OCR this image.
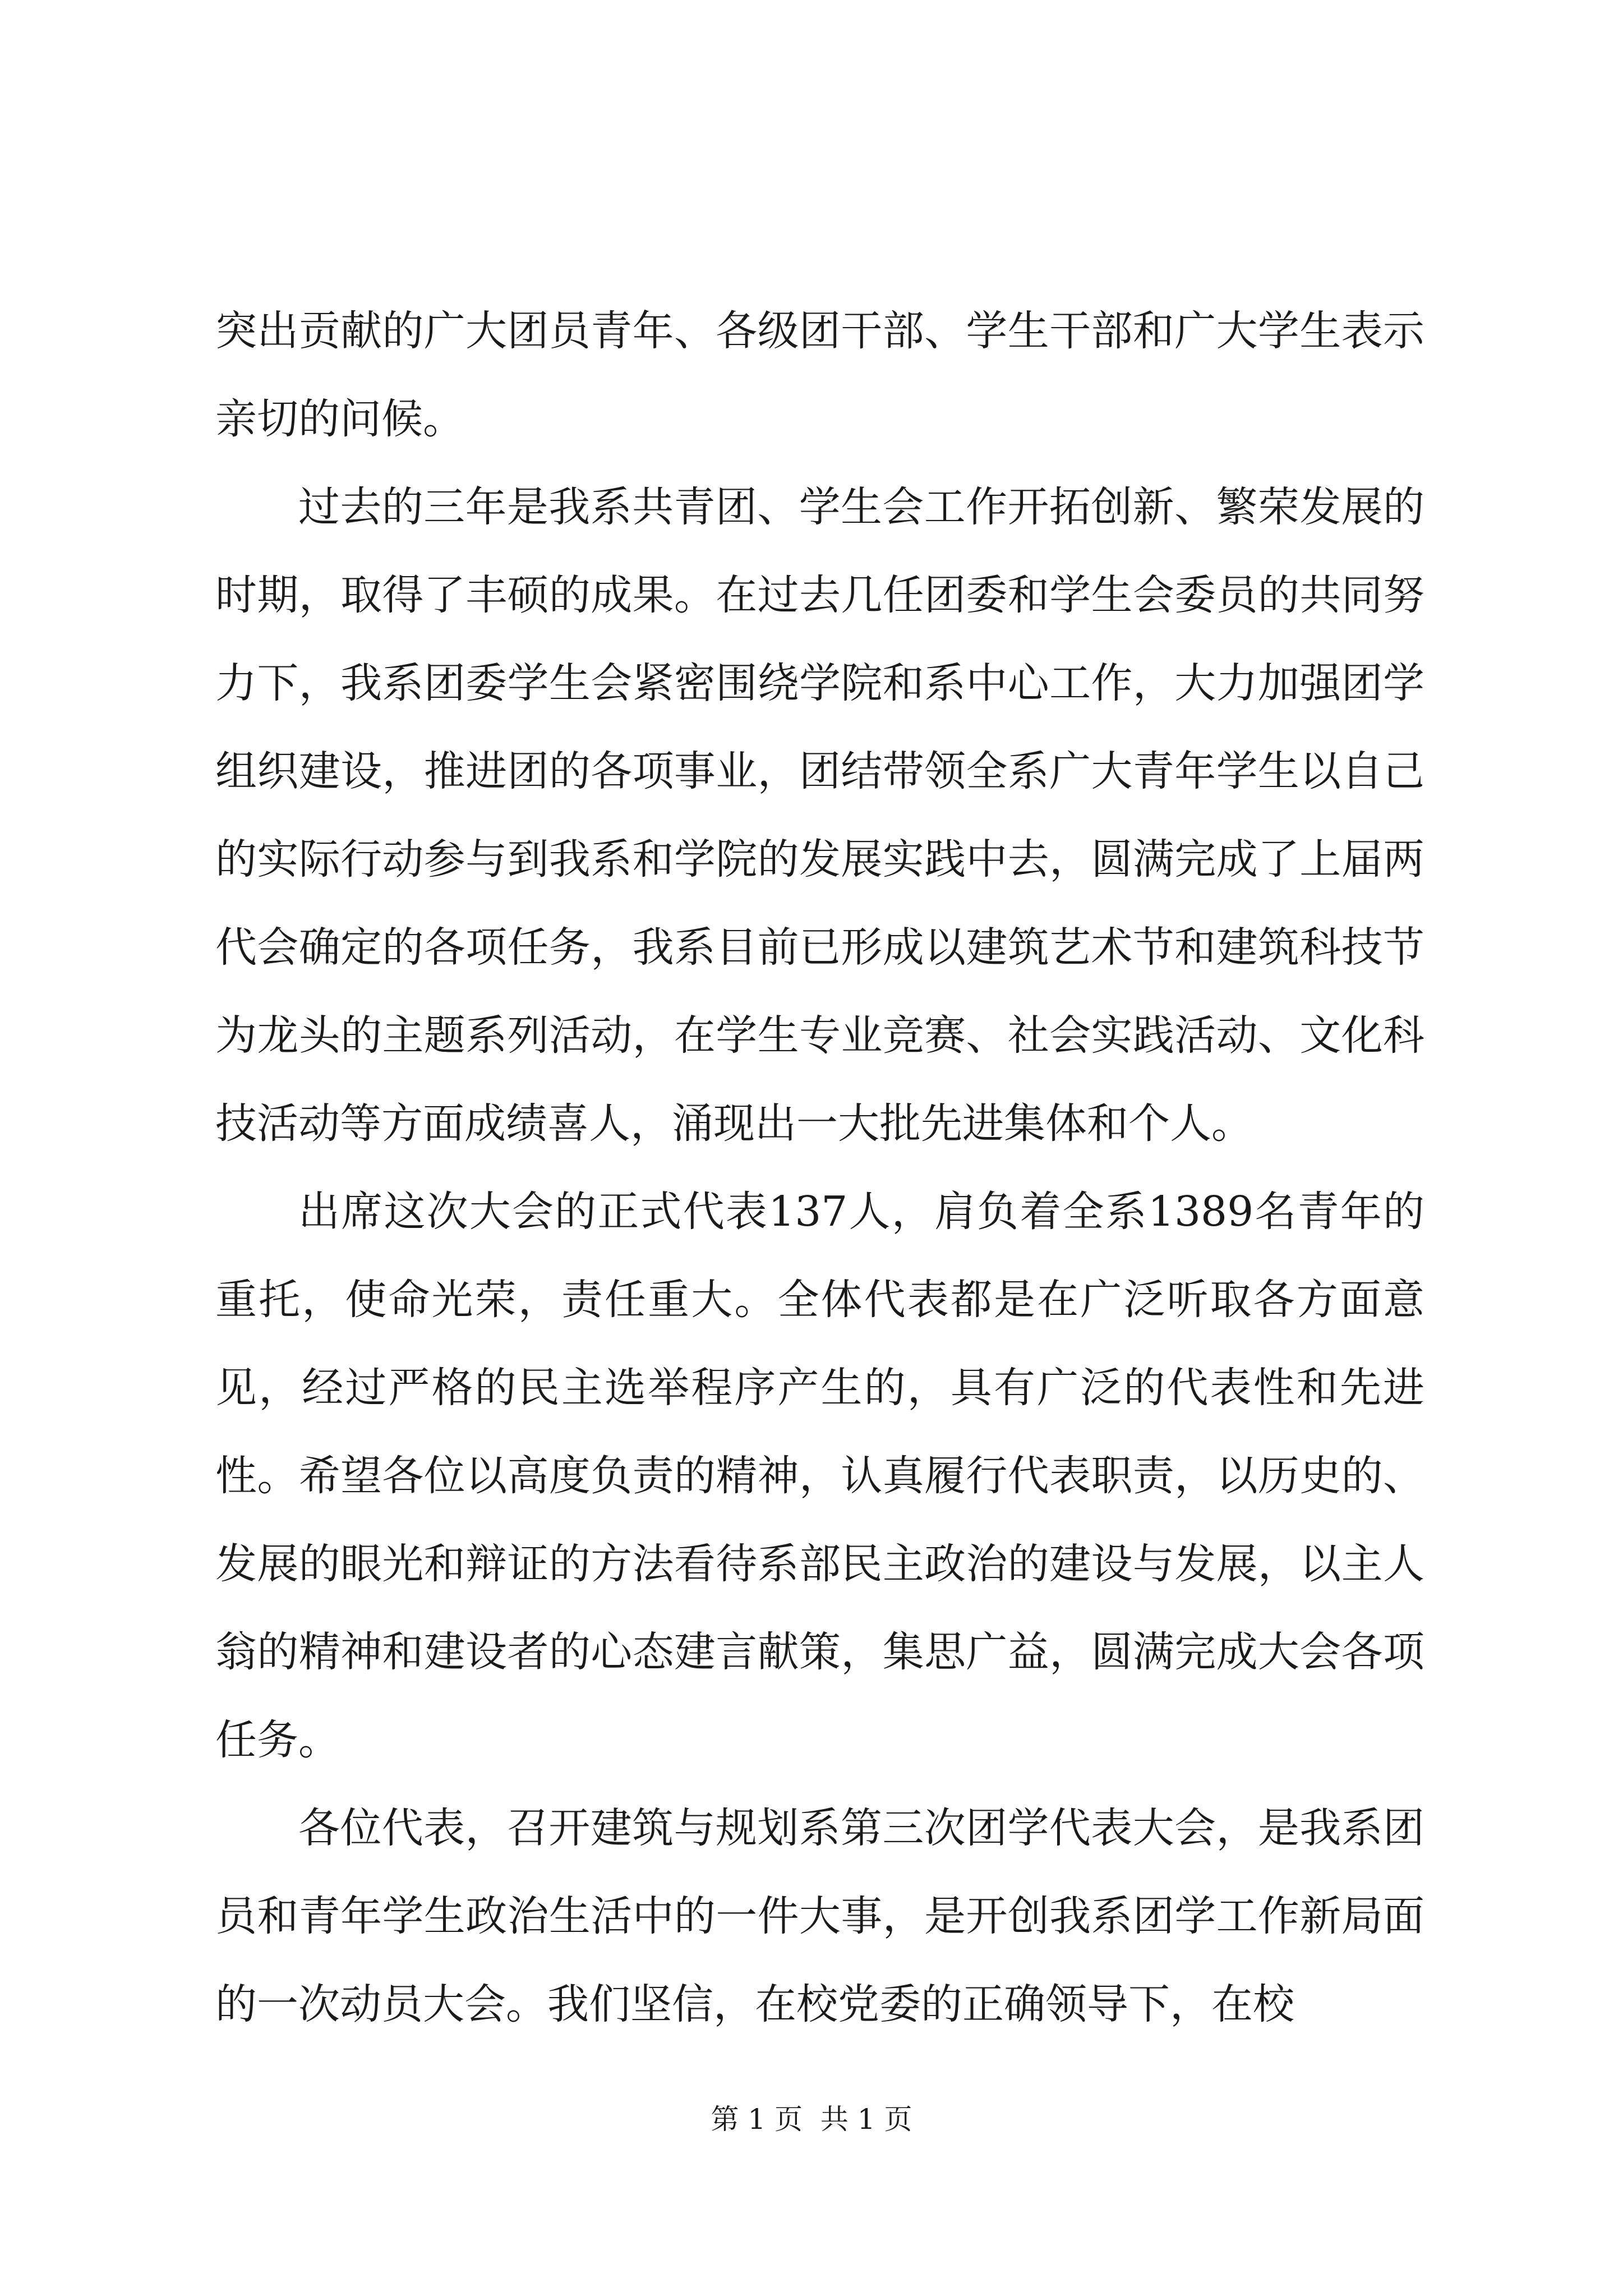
突出贡献的广大团员青年、各级团干部、学生干部和广大学生表示亲切的问候。

过去的三年是我系共青团、学生会工作开拓创新、繁荣发展的时期，取得了丰硕的成果。在过去几任团委和学生会委员的共同努力下，我系团委学生会紧密围绕学院和系中心工作，大力加强团学组织建设，推进团的各项事业，团结带领全系广大青年学生以自己的实际行动参与到我系和学院的发展实践中去，圆满完成了上届两代会确定的各项任务，我系目前已形成以建筑艺术节和建筑科技节为龙头的主题系列活动，在学生专业竞赛、社会实践活动、文化科技活动等方面成绩喜人，涌现出一大批先进集体和个人。

出席这次大会的正式代表137人，肩负着全系1389名青年的重托，使命光荣，责任重大。全体代表都是在广泛听取各方面意见，经过严格的民主选举程序产生的，具有广泛的代表性和先进性。希望各位以高度负责的精神，认真履行代表职责，以历史的、发展的眼光和辩证的方法看待系部民主政治的建设与发展，以主人翁的精神和建设者的心态建言献策，集思广益，圆满完成大会各项任务。

各位代表，召开建筑与规划系第三次团学代表大会，是我系团员和青年学生政治生活中的一件大事，是开创我系团学工作新局面的一次动员大会。我们坚信，在校党委的正确领导下，在校

第 1 页  共 1 页
